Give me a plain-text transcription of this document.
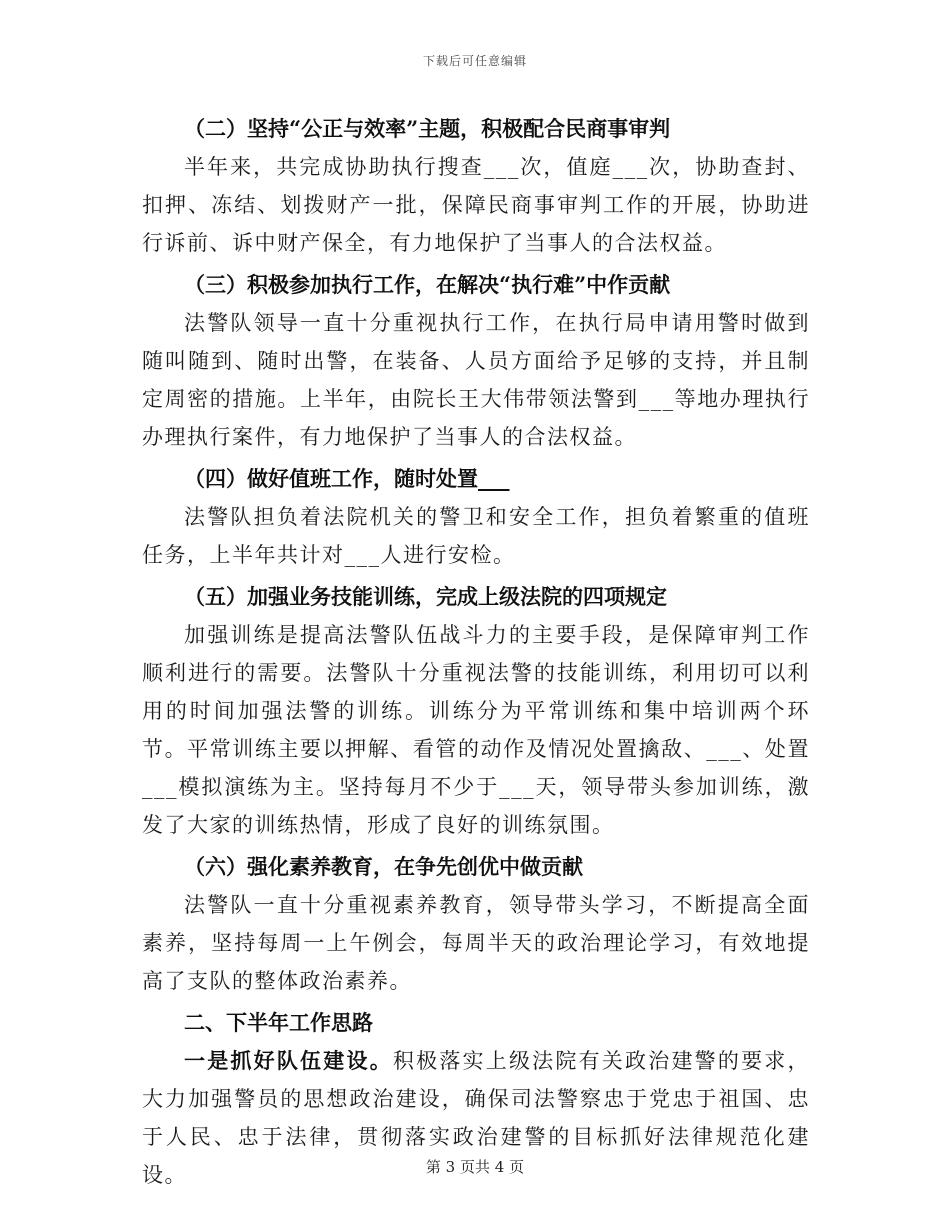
下载后可任意编辑
（二）坚持“公正与效率”主题，积极配合民商事审判
半年来，共完成协助执行搜查___次，值庭___次，协助查封、扣押、冻结、划拨财产一批，保障民商事审判工作的开展，协助进行诉前、诉中财产保全，有力地保护了当事人的合法权益。
（三）积极参加执行工作，在解决“执行难”中作贡献
法警队领导一直十分重视执行工作，在执行局申请用警时做到随叫随到、随时出警，在装备、人员方面给予足够的支持，并且制定周密的措施。上半年，由院长王大伟带领法警到___等地办理执行办理执行案件，有力地保护了当事人的合法权益。
（四）做好值班工作，随时处置___
法警队担负着法院机关的警卫和安全工作，担负着繁重的值班任务，上半年共计对___人进行安检。
（五）加强业务技能训练，完成上级法院的四项规定
加强训练是提高法警队伍战斗力的主要手段，是保障审判工作顺利进行的需要。法警队十分重视法警的技能训练，利用切可以利用的时间加强法警的训练。训练分为平常训练和集中培训两个环节。平常训练主要以押解、看管的动作及情况处置擒敌、___、处置___模拟演练为主。坚持每月不少于___天，领导带头参加训练，激发了大家的训练热情，形成了良好的训练氛围。
（六）强化素养教育，在争先创优中做贡献
法警队一直十分重视素养教育，领导带头学习，不断提高全面素养，坚持每周一上午例会，每周半天的政治理论学习，有效地提高了支队的整体政治素养。
二、下半年工作思路
一是抓好队伍建设。积极落实上级法院有关政治建警的要求，大力加强警员的思想政治建设，确保司法警察忠于党忠于祖国、忠于人民、忠于法律，贯彻落实政治建警的目标抓好法律规范化建设。	第 3 页共 4 页
